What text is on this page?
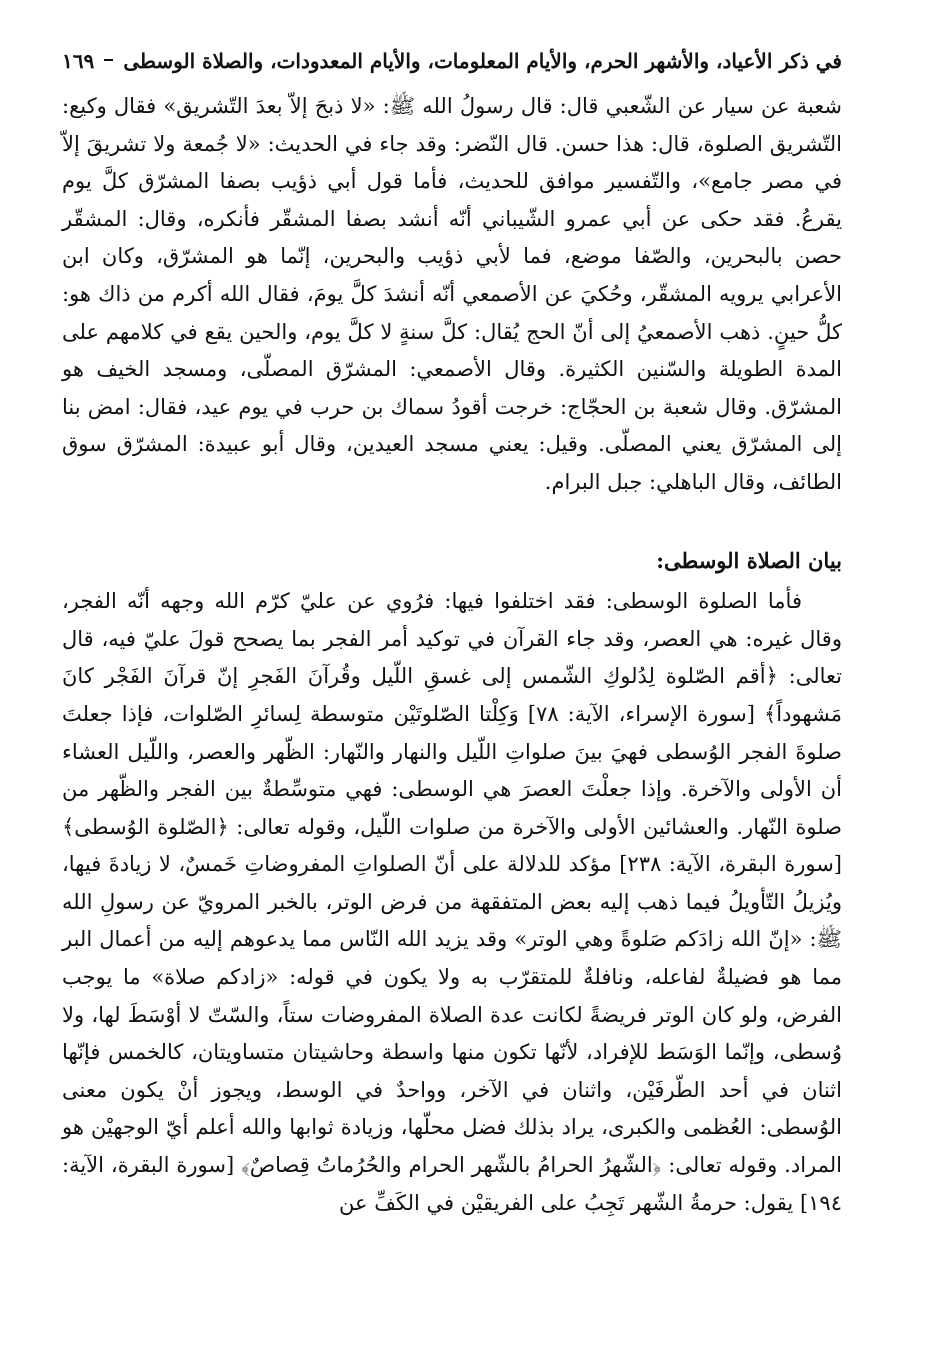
في ذكر الأعياد، والأشهر الحرم، والأيام المعلومات، والأيام المعدودات، والصلاة الوسطى
١٦٩

شعبة عن سيار عن الشّعبي قال: قال رسولُ الله ﷺ: «لا ذبحَ إلاّ بعدَ التّشريق» فقال وكيع: التّشريق الصلوة، قال: هذا حسن. قال النّضر: وقد جاء في الحديث: «لا جُمعة ولا تشريقَ إلاّ في مصر جامع»، والتّفسير موافق للحديث، فأما قول أبي ذؤيب بصفا المشرّق كلَّ يوم يقرعُ. فقد حكى عن أبي عمرو الشّيباني أنّه أنشد بصفا المشقّر فأنكره، وقال: المشقّر حصن بالبحرين، والصّفا موضع، فما لأبي ذؤيب والبحرين، إنّما هو المشرّق، وكان ابن الأعرابي يرويه المشقّر، وحُكيَ عن الأصمعي أنّه أنشدَ كلَّ يومَ، فقال الله أكرم من ذاك هو: كلُّ حينٍ. ذهب الأصمعيُ إلى أنّ الحج يُقال: كلَّ سنةٍ لا كلَّ يوم، والحين يقع في كلامهم على المدة الطويلة والسّنين الكثيرة. وقال الأصمعي: المشرّق المصلّى، ومسجد الخيف هو المشرّق. وقال شعبة بن الحجّاج: خرجت أقودُ سماك بن حرب في يوم عيد، فقال: امض بنا إلى المشرّق يعني المصلّى. وقيل: يعني مسجد العيدين، وقال أبو عبيدة: المشرّق سوق الطائف، وقال الباهلي: جبل البرام.

بيان الصلاة الوسطى:

فأما الصلوة الوسطى: فقد اختلفوا فيها: فرُوي عن عليّ كرّم الله وجهه أنّه الفجر، وقال غيره: هي العصر، وقد جاء القرآن في توكيد أمر الفجر بما يصحح قولَ عليّ فيه، قال تعالى: ﴿أقم الصّلوة لِدُلوكِ الشّمس إلى غسقِ اللّيل وقُرآنَ الفَجرِ إنّ قرآنَ الفَجْر كانَ مَشهوداً﴾ [سورة الإسراء، الآية: ٧٨] وَكِلْتا الصّلوتَيْن متوسطة لِسائرِ الصّلوات، فإذا جعلتَ صلوةَ الفجر الوُسطى فهيَ بينَ صلواتِ اللّيل والنهار والنّهار: الظّهر والعصر، واللّيل العشاء أن الأولى والآخرة. وإذا جعلْتَ العصرَ هي الوسطى: فهي متوسِّطةٌ بين الفجر والظّهر من صلوة النّهار. والعشائين الأولى والآخرة من صلوات اللّيل، وقوله تعالى: ﴿الصّلوة الوُسطى﴾ [سورة البقرة، الآية: ٢٣٨] مؤكد للدلالة على أنّ الصلواتِ المفروضاتِ خَمسٌ، لا زيادةَ فيها، ويُزيلُ التّأويلُ فيما ذهب إليه بعض المتفقهة من فرض الوتر، بالخبر المرويّ عن رسولِ الله ﷺ: «إنّ الله زادَكم صَلوةً وهي الوتر» وقد يزيد الله النّاس مما يدعوهم إليه من أعمال البر مما هو فضيلةٌ لفاعله، ونافلةٌ للمتقرّب به ولا يكون في قوله: «زادكم صلاة» ما يوجب الفرض، ولو كان الوتر فريضةً لكانت عدة الصلاة المفروضات ستاً، والسّتّ لا أوْسَطَ لها، ولا وُسطى، وإنّما الوَسَط للإفراد، لأنّها تكون منها واسطة وحاشيتان متساويتان، كالخمس فإنّها اثنان في أحد الطّرفَيْن، واثنان في الآخر، وواحدٌ في الوسط، ويجوز أنْ يكون معنى الوُسطى: العُظمى والكبرى، يراد بذلك فضل محلّها، وزيادة ثوابها والله أعلم أيّ الوجهيْن هو المراد. وقوله تعالى: ﴿الشّهرُ الحرامُ بالشّهر الحرام والحُرُماتُ قِصاصٌ﴾ [سورة البقرة، الآية: ١٩٤] يقول: حرمةُ الشّهر تَجِبُ على الفريقيْن في الكَفِّ عن
